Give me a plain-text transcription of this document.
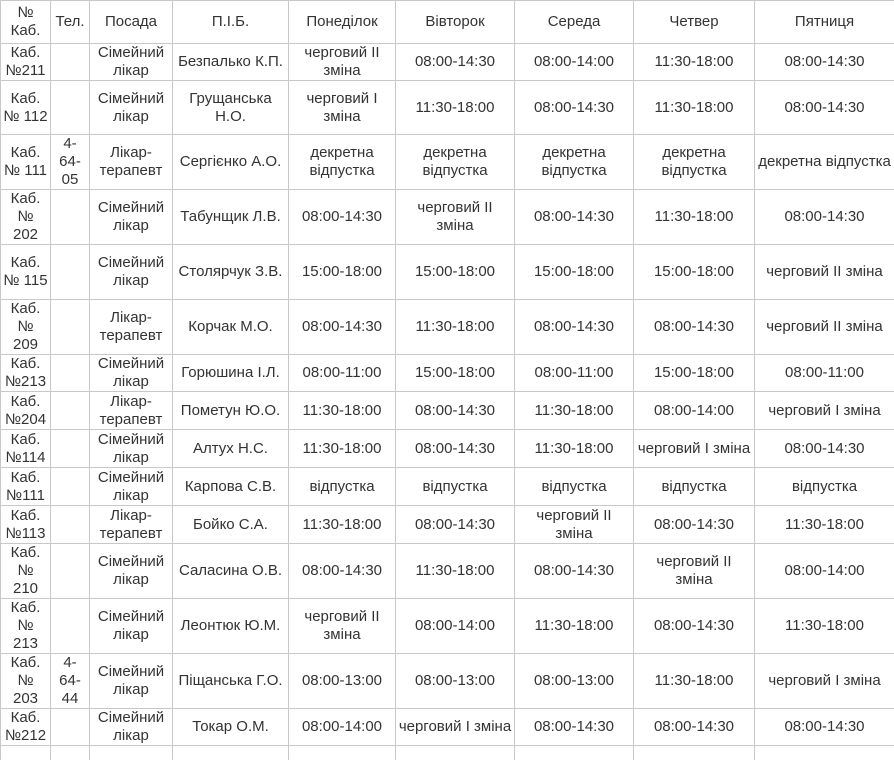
№ Каб.	Тел.	Посада	П.І.Б.	Понеділок	Вівторок	Середа	Четвер	Пятниця
Каб. №211		Сімейний лікар	Безпалько К.П.	черговий ІІ зміна	08:00-14:30	08:00-14:00	11:30-18:00	08:00-14:30
Каб. № 112		Сімейний лікар	Грущанська Н.О.	черговий І зміна	11:30-18:00	08:00-14:30	11:30-18:00	08:00-14:30
Каб. № 111	4-64-05	Лікар-терапевт	Сергієнко А.О.	декретна відпустка	декретна відпустка	декретна відпустка	декретна відпустка	декретна відпустка
Каб. № 202		Сімейний лікар	Табунщик Л.В.	08:00-14:30	черговий ІІ зміна	08:00-14:30	11:30-18:00	08:00-14:30
Каб. № 115		Сімейний лікар	Столярчук З.В.	15:00-18:00	15:00-18:00	15:00-18:00	15:00-18:00	черговий ІІ зміна
Каб. № 209		Лікар-терапевт	Корчак М.О.	08:00-14:30	11:30-18:00	08:00-14:30	08:00-14:30	черговий ІІ зміна
Каб. №213		Сімейний лікар	Горюшина І.Л.	08:00-11:00	15:00-18:00	08:00-11:00	15:00-18:00	08:00-11:00
Каб. №204		Лікар-терапевт	Пометун Ю.О.	11:30-18:00	08:00-14:30	11:30-18:00	08:00-14:00	черговий І зміна
Каб. №114		Сімейний лікар	Алтух Н.С.	11:30-18:00	08:00-14:30	11:30-18:00	черговий І зміна	08:00-14:30
Каб. №111		Сімейний лікар	Карпова С.В.	відпустка	відпустка	відпустка	відпустка	відпустка
Каб. №113		Лікар-терапевт	Бойко С.А.	11:30-18:00	08:00-14:30	черговий ІІ зміна	08:00-14:30	11:30-18:00
Каб. № 210		Сімейний лікар	Саласина О.В.	08:00-14:30	11:30-18:00	08:00-14:30	черговий ІІ зміна	08:00-14:00
Каб. № 213		Сімейний лікар	Леонтюк Ю.М.	черговий ІІ зміна	08:00-14:00	11:30-18:00	08:00-14:30	11:30-18:00
Каб. № 203	4-64-44	Сімейний лікар	Піщанська Г.О.	08:00-13:00	08:00-13:00	08:00-13:00	11:30-18:00	черговий І зміна
Каб. №212		Сімейний лікар	Токар О.М.	08:00-14:00	черговий І зміна	08:00-14:30	08:00-14:30	08:00-14:30
